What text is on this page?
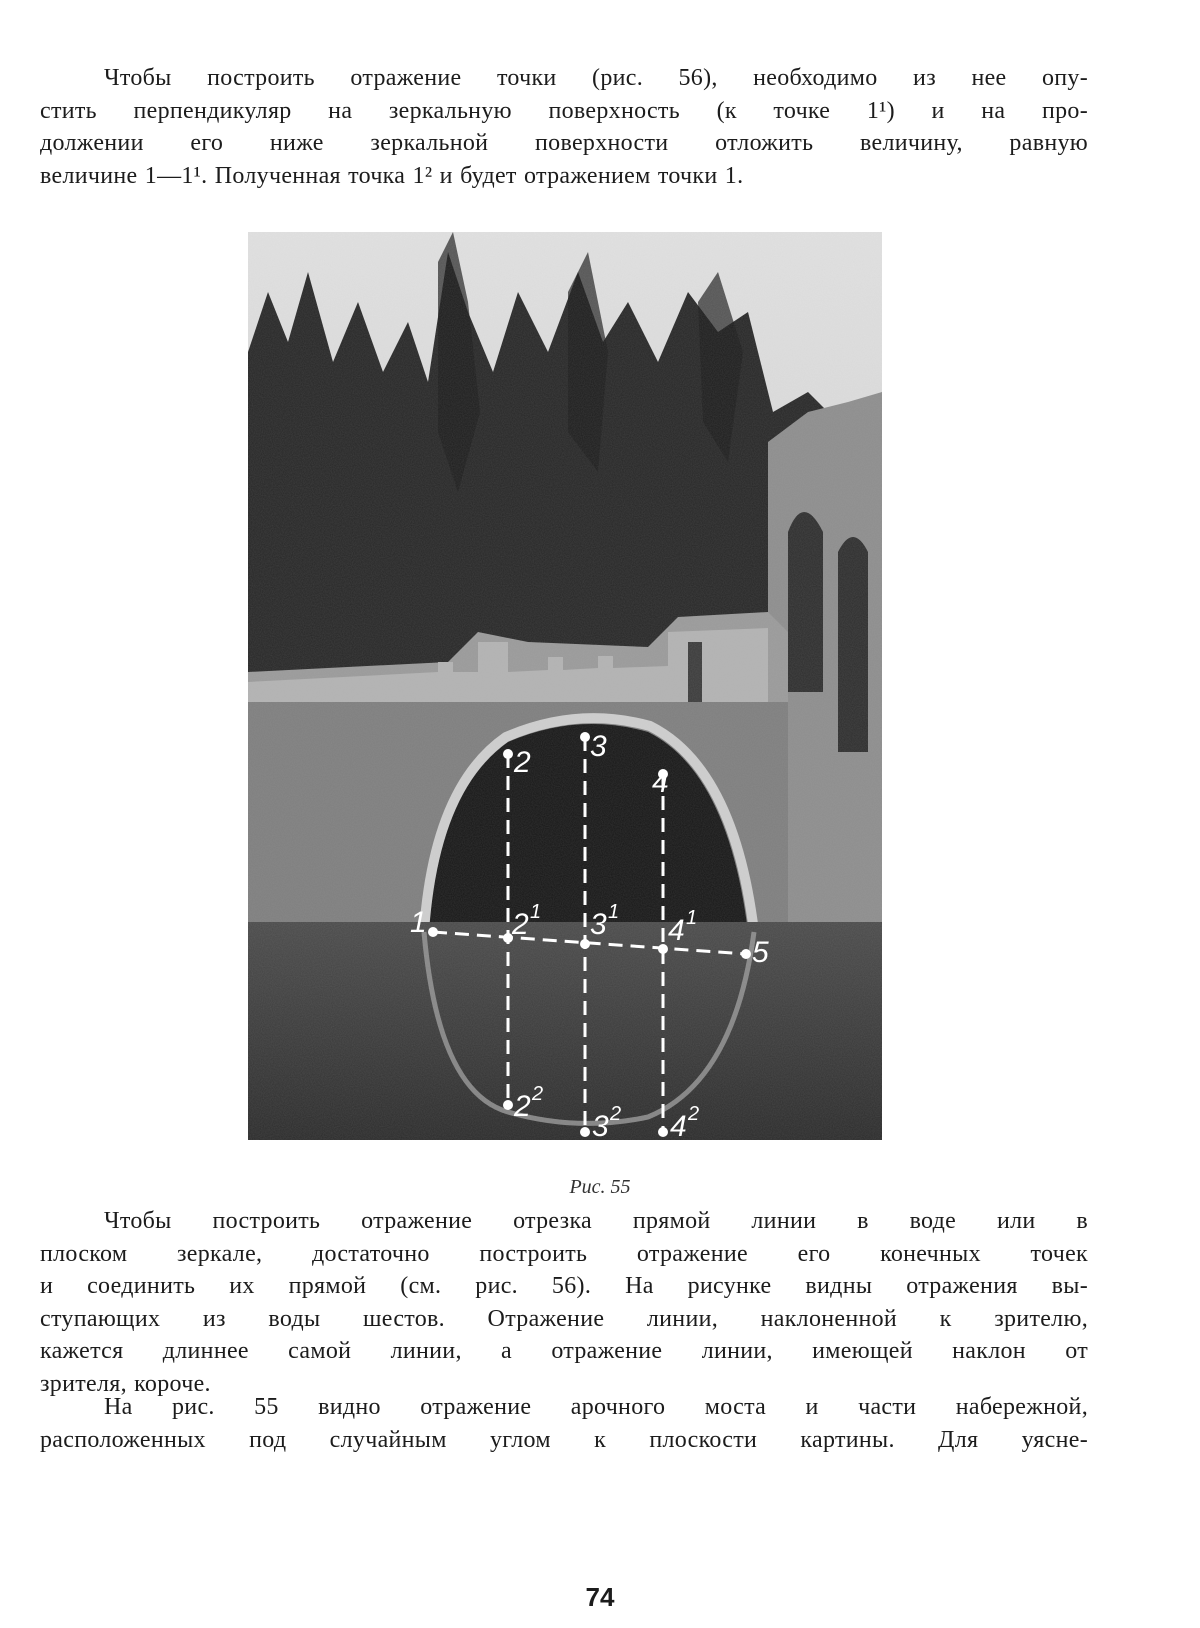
Чтобы построить отражение точки (рис. 56), необходимо из нее опу-
стить перпендикуляр на зеркальную поверхность (к точке 1¹) и на про-
должении его ниже зеркальной поверхности отложить величину, равную
величине 1—1¹. Полученная точка 1² и будет отражением точки 1.
1
2 3
4
5
2 1 3 1
4 1
2 2
3 2 4 2
Рис. 55
Чтобы построить отражение отрезка прямой линии в воде или в
плоском зеркале, достаточно построить отражение его конечных точек
и соединить их прямой (см. рис. 56). На рисунке видны отражения вы-
ступающих из воды шестов. Отражение линии, наклоненной к зрителю,
кажется длиннее самой линии, а отражение линии, имеющей наклон от
зрителя, короче.
На рис. 55 видно отражение арочного моста и части набережной,
расположенных под случайным углом к плоскости картины. Для уясне-
74
